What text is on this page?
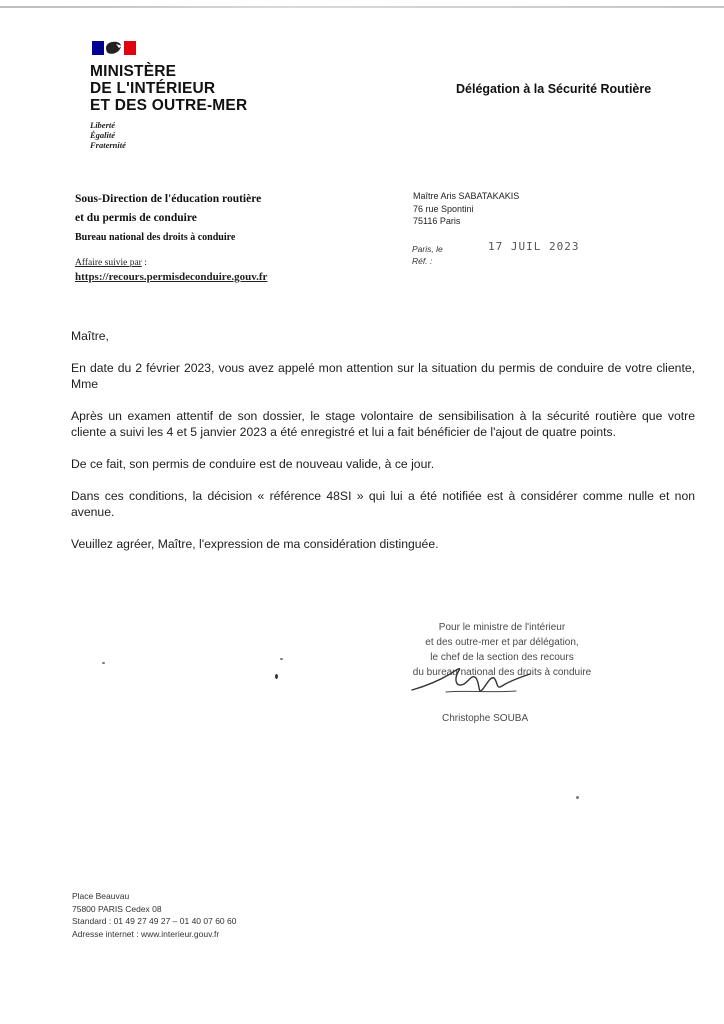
MINISTÈRE
DE L'INTÉRIEUR
ET DES OUTRE-MER
Liberté
Égalité
Fraternité
Délégation à la Sécurité Routière
Sous-Direction de l'éducation routière
et du permis de conduire
Bureau national des droits à conduire
Maître Aris SABATAKAKIS
76 rue Spontini
75116 Paris
Paris, le
Réf. :
17 JUIL 2023
Affaire suivie par :
https://recours.permisdeconduire.gouv.fr

Maître,

En date du 2 février 2023, vous avez appelé mon attention sur la situation du permis de conduire de votre cliente, Mme

Après un examen attentif de son dossier, le stage volontaire de sensibilisation à la sécurité routière que votre cliente a suivi les 4 et 5 janvier 2023 a été enregistré et lui a fait bénéficier de l'ajout de quatre points.

De ce fait, son permis de conduire est de nouveau valide, à ce jour.

Dans ces conditions, la décision « référence 48SI » qui lui a été notifiée est à considérer comme nulle et non avenue.

Veuillez agréer, Maître, l'expression de ma considération distinguée.

Pour le ministre de l'intérieur
et des outre-mer et par délégation,
le chef de la section des recours
du bureau national des droits à conduire
Christophe SOUBA
Place Beauvau
75800 PARIS Cedex 08
Standard : 01 49 27 49 27 – 01 40 07 60 60
Adresse internet : www.interieur.gouv.fr
